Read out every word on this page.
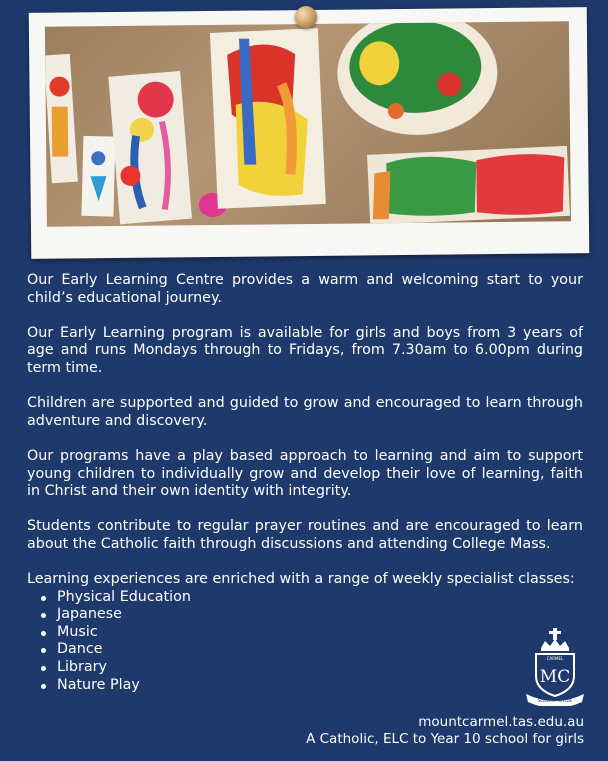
Our Early Learning Centre provides a warm and welcoming start to your child’s educational journey.

Our Early Learning program is available for girls and boys from 3 years of age and runs Mondays through to Fridays, from 7.30am to 6.00pm during term time.

Children are supported and guided to grow and encouraged to learn through adventure and discovery.

Our programs have a play based approach to learning and aim to support young children to individually grow and develop their love of learning, faith in Christ and their own identity with integrity.

Students contribute to regular prayer routines and are encouraged to learn about the Catholic faith through discussions and attending College Mass.

Learning experiences are enriched with a range of weekly specialist classes:

Physical Education
Japanese
Music
Dance
Library
Nature Play
CARMEL
MC
SCIENTIA IN FIDE
mountcarmel.tas.edu.au
A Catholic, ELC to Year 10 school for girls
